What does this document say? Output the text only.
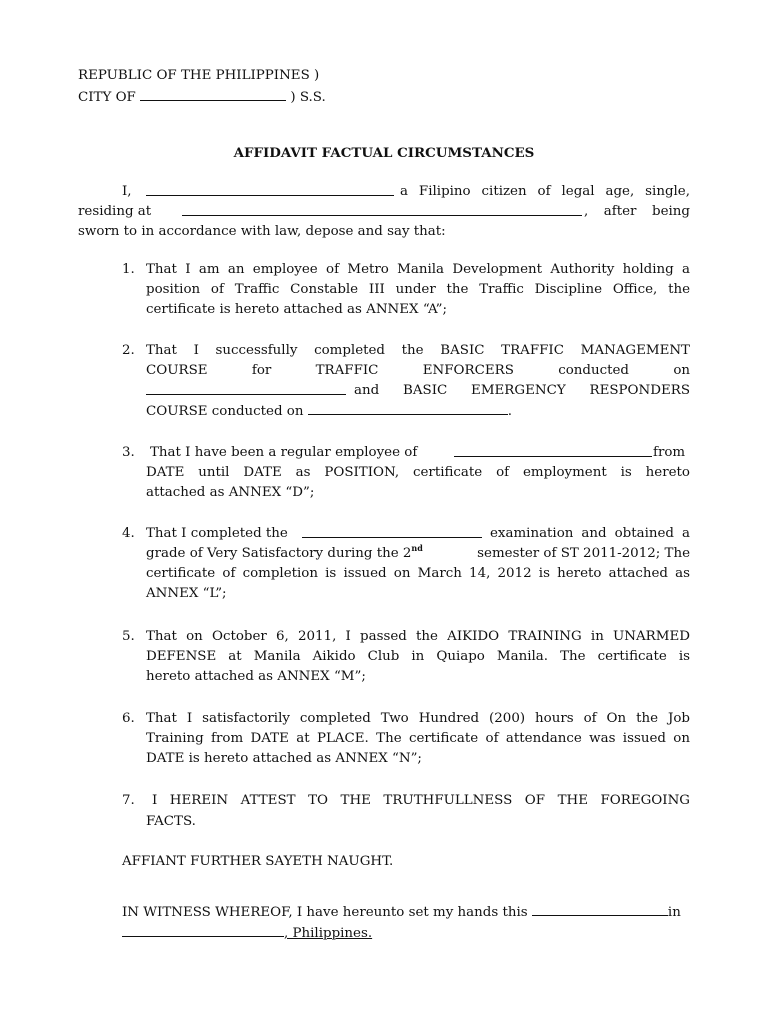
REPUBLIC OF THE PHILIPPINES )
CITY OF	) S.S.
AFFIDAVIT FACTUAL CIRCUMSTANCES
I,	a Filipino citizen of legal age, single,
residing at	, after being
sworn to in accordance with law, depose and say that:
1. That I am an employee of Metro Manila Development Authority holding a
position of Traffic Constable III under the Traffic Discipline Office, the
certificate is hereto attached as ANNEX “A”;
2. That I successfully completed the BASIC TRAFFIC MANAGEMENT
COURSE	for	TRAFFIC	ENFORCERS	conducted	on
and BASIC EMERGENCY RESPONDERS
COURSE conducted on	.
3. That I have been a regular employee of	from
DATE until DATE as POSITION, certificate of employment is hereto
attached as ANNEX “D”;
4. That I completed the	examination and obtained a
grade of Very Satisfactory during the 2nd	semester of ST 2011-2012; The
certificate of completion is issued on March 14, 2012 is hereto attached as
ANNEX “L”;
5. That on October 6, 2011, I passed the AIKIDO TRAINING in UNARMED
DEFENSE at Manila Aikido Club in Quiapo Manila. The certificate is
hereto attached as ANNEX “M”;
6. That I satisfactorily completed Two Hundred (200) hours of On the Job
Training from DATE at PLACE. The certificate of attendance was issued on
DATE is hereto attached as ANNEX “N”;
7. I HEREIN ATTEST TO THE TRUTHFULLNESS OF THE FOREGOING
FACTS.
AFFIANT FURTHER SAYETH NAUGHT.
IN WITNESS WHEREOF, I have hereunto set my hands this	in
, Philippines.
